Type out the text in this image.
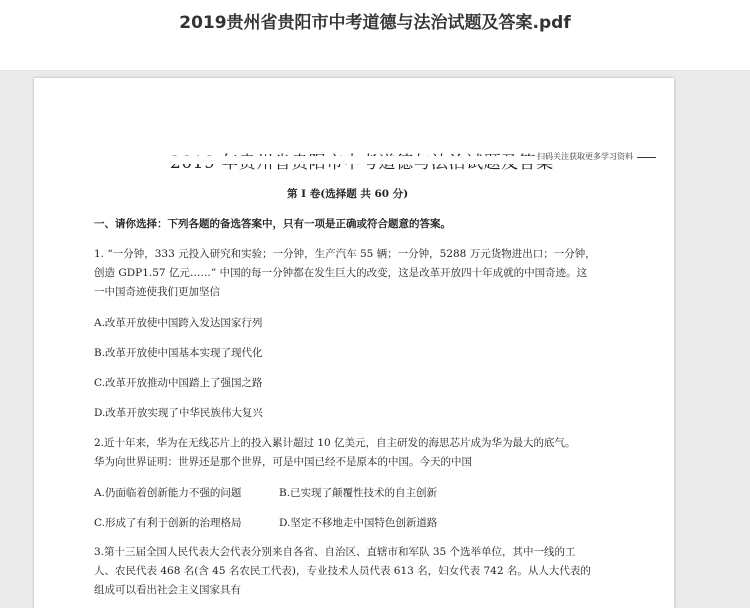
2019贵州省贵阳市中考道德与法治试题及答案.pdf
扫码关注获取更多学习资料
第 I 卷(选择题 共 60 分)
一、请你选择：下列各题的备选答案中，只有一项是正确或符合题意的答案。
1. “一分钟，333 元投入研究和实验；一分钟，生产汽车 55 辆；一分钟，5288 万元货物进出口；一分钟，
创造 GDP1.57 亿元……” 中国的每一分钟都在发生巨大的改变，这是改革开放四十年成就的中国奇迹。这
一中国奇迹使我们更加坚信
A.改革开放使中国跨入发达国家行列
B.改革开放使中国基本实现了现代化
C.改革开放推动中国踏上了强国之路
D.改革开放实现了中华民族伟大复兴
2.近十年来，华为在无线芯片上的投入累计超过 10 亿美元，自主研发的海思芯片成为华为最大的底气。
华为向世界证明：世界还是那个世界，可是中国已经不是原本的中国。今天的中国
A.仍面临着创新能力不强的问题	B.已实现了颠覆性技术的自主创新
C.形成了有利于创新的治理格局	D.坚定不移地走中国特色创新道路
3.第十三届全国人民代表大会代表分别来自各省、自治区、直辖市和军队 35 个选举单位，其中一线的工
人、农民代表 468 名(含 45 名农民工代表)，专业技术人员代表 613 名，妇女代表 742 名。从人大代表的
组成可以看出社会主义国家具有
